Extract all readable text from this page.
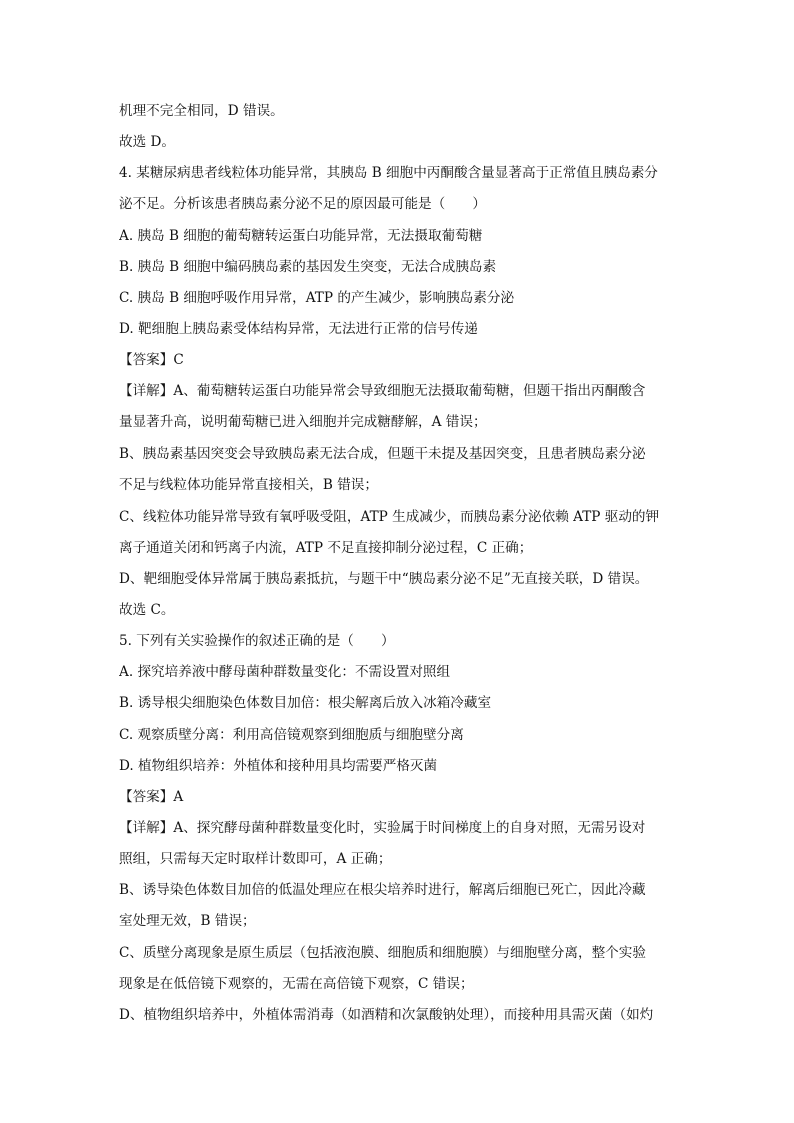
机理不完全相同，D 错误。
故选 D。
4. 某糖尿病患者线粒体功能异常，其胰岛 B 细胞中丙酮酸含量显著高于正常值且胰岛素分
泌不足。分析该患者胰岛素分泌不足的原因最可能是（　　）
A. 胰岛 B 细胞的葡萄糖转运蛋白功能异常，无法摄取葡萄糖
B. 胰岛 B 细胞中编码胰岛素的基因发生突变，无法合成胰岛素
C. 胰岛 B 细胞呼吸作用异常，ATP 的产生减少，影响胰岛素分泌
D. 靶细胞上胰岛素受体结构异常，无法进行正常的信号传递
【答案】C
【详解】A、葡萄糖转运蛋白功能异常会导致细胞无法摄取葡萄糖，但题干指出丙酮酸含
量显著升高，说明葡萄糖已进入细胞并完成糖酵解，A 错误；
B、胰岛素基因突变会导致胰岛素无法合成，但题干未提及基因突变，且患者胰岛素分泌
不足与线粒体功能异常直接相关，B 错误；
C、线粒体功能异常导致有氧呼吸受阻，ATP 生成减少，而胰岛素分泌依赖 ATP 驱动的钾
离子通道关闭和钙离子内流，ATP 不足直接抑制分泌过程，C 正确；
D、靶细胞受体异常属于胰岛素抵抗，与题干中“胰岛素分泌不足”无直接关联，D 错误。
故选 C。
5. 下列有关实验操作的叙述正确的是（　　）
A. 探究培养液中酵母菌种群数量变化：不需设置对照组
B. 诱导根尖细胞染色体数目加倍：根尖解离后放入冰箱冷藏室
C. 观察质壁分离：利用高倍镜观察到细胞质与细胞壁分离
D. 植物组织培养：外植体和接种用具均需要严格灭菌
【答案】A
【详解】A、探究酵母菌种群数量变化时，实验属于时间梯度上的自身对照，无需另设对
照组，只需每天定时取样计数即可，A 正确；
B、诱导染色体数目加倍的低温处理应在根尖培养时进行，解离后细胞已死亡，因此冷藏
室处理无效，B 错误；
C、质壁分离现象是原生质层（包括液泡膜、细胞质和细胞膜）与细胞壁分离，整个实验
现象是在低倍镜下观察的，无需在高倍镜下观察，C 错误；
D、植物组织培养中，外植体需消毒（如酒精和次氯酸钠处理），而接种用具需灭菌（如灼
